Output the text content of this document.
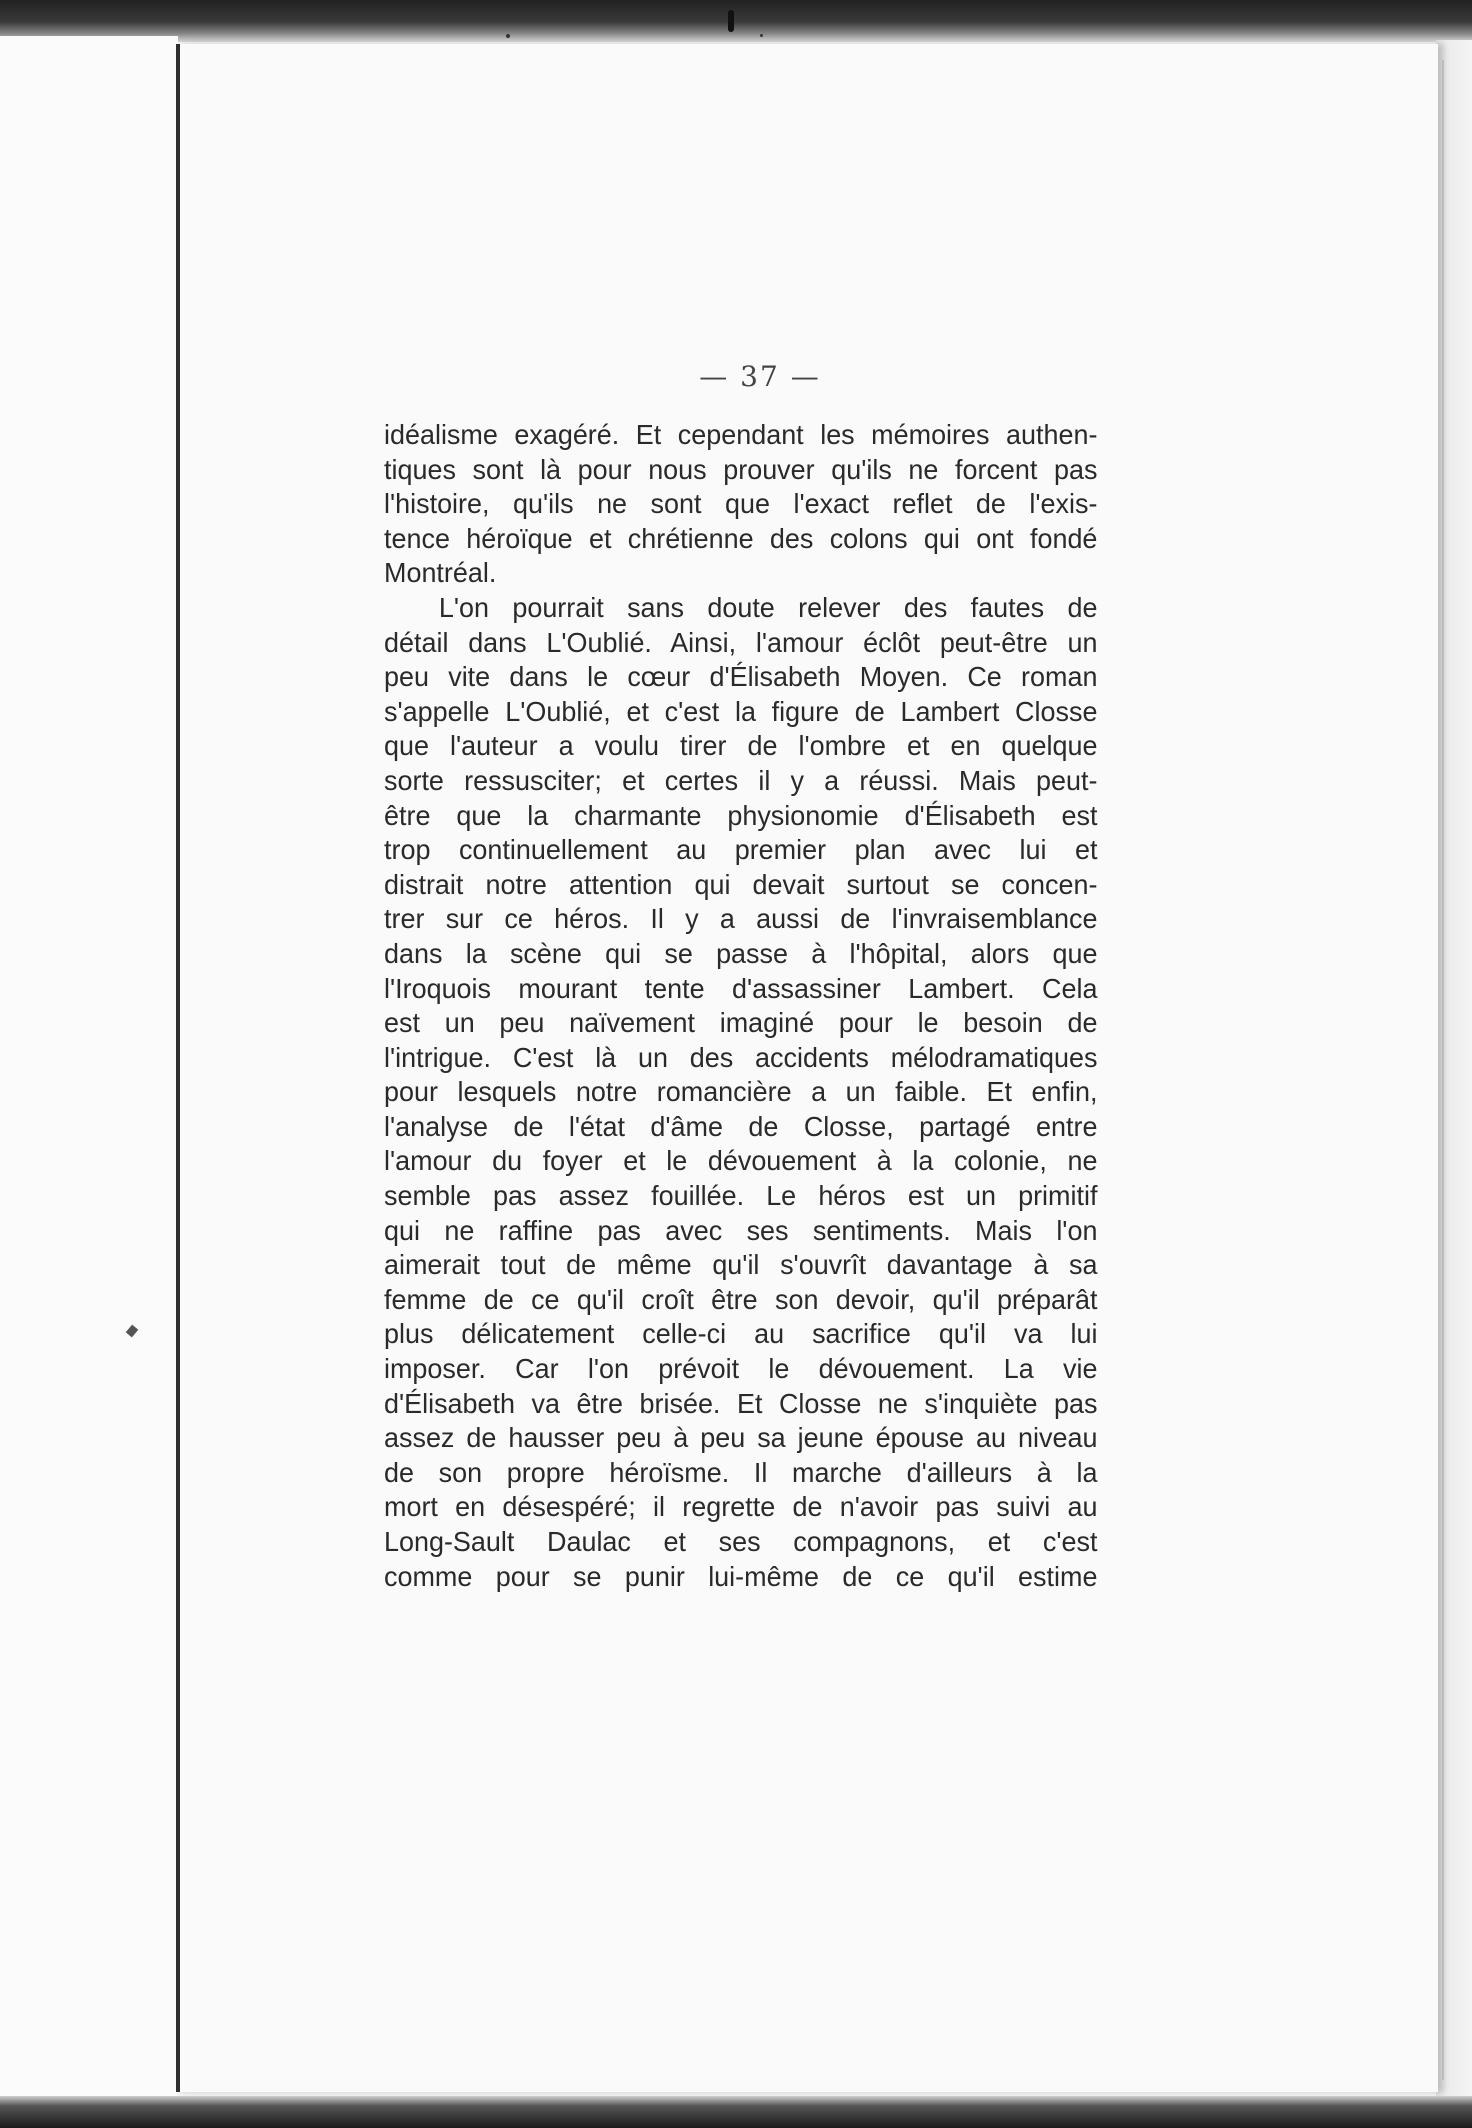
— 37 —
idéalisme exagéré. Et cependant les mémoires authen-
tiques sont là pour nous prouver qu'ils ne forcent pas
l'histoire, qu'ils ne sont que l'exact reflet de l'exis-
tence héroïque et chrétienne des colons qui ont fondé
Montréal.
L'on pourrait sans doute relever des fautes de
détail dans L'Oublié. Ainsi, l'amour éclôt peut-être un
peu vite dans le cœur d'Élisabeth Moyen. Ce roman
s'appelle L'Oublié, et c'est la figure de Lambert Closse
que l'auteur a voulu tirer de l'ombre et en quelque
sorte ressusciter; et certes il y a réussi. Mais peut-
être que la charmante physionomie d'Élisabeth est
trop continuellement au premier plan avec lui et
distrait notre attention qui devait surtout se concen-
trer sur ce héros. Il y a aussi de l'invraisemblance
dans la scène qui se passe à l'hôpital, alors que
l'Iroquois mourant tente d'assassiner Lambert. Cela
est un peu naïvement imaginé pour le besoin de
l'intrigue. C'est là un des accidents mélodramatiques
pour lesquels notre romancière a un faible. Et enfin,
l'analyse de l'état d'âme de Closse, partagé entre
l'amour du foyer et le dévouement à la colonie, ne
semble pas assez fouillée. Le héros est un primitif
qui ne raffine pas avec ses sentiments. Mais l'on
aimerait tout de même qu'il s'ouvrît davantage à sa
femme de ce qu'il croît être son devoir, qu'il préparât
plus délicatement celle-ci au sacrifice qu'il va lui
imposer. Car l'on prévoit le dévouement. La vie
d'Élisabeth va être brisée. Et Closse ne s'inquiète pas
assez de hausser peu à peu sa jeune épouse au niveau
de son propre héroïsme. Il marche d'ailleurs à la
mort en désespéré; il regrette de n'avoir pas suivi au
Long-Sault Daulac et ses compagnons, et c'est
comme pour se punir lui-même de ce qu'il estime
